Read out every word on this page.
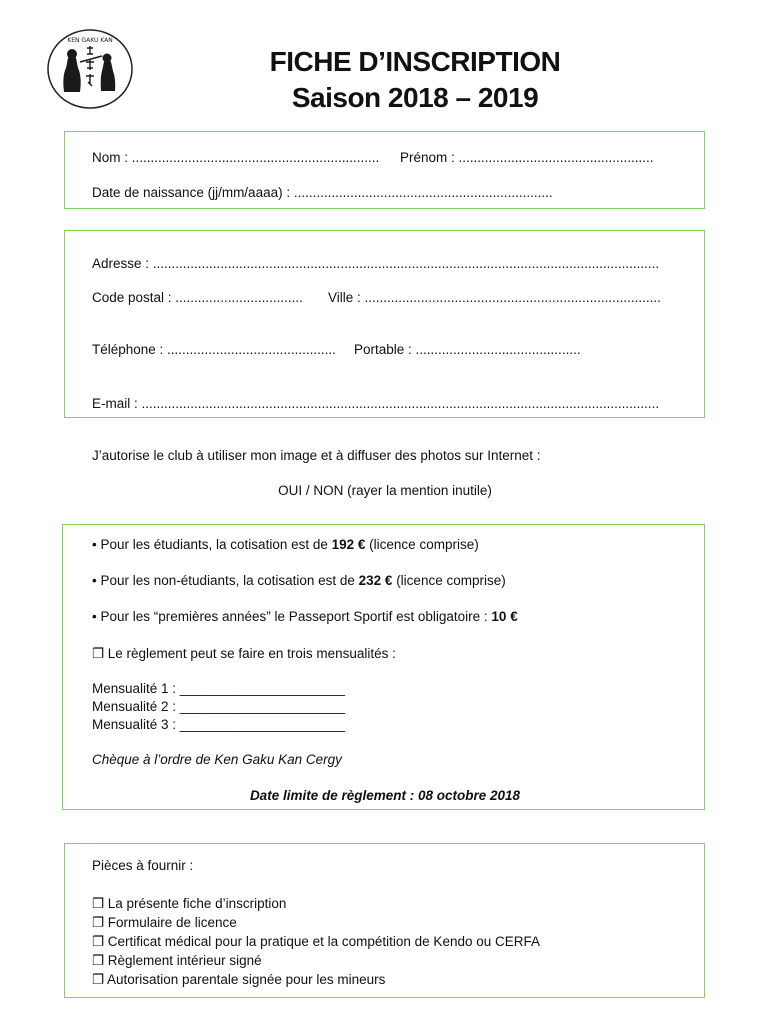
KEN GAKU KAN
FICHE D’INSCRIPTION
Saison 2018 – 2019
Nom : .................................................................. Prénom : ....................................................
Date de naissance (jj/mm/aaaa) : .....................................................................
Adresse : .......................................................................................................................................
Code postal : .................................. Ville : ...............................................................................
Téléphone : ............................................. Portable : ............................................
E-mail : ..........................................................................................................................................
J’autorise le club à utiliser mon image et à diffuser des photos sur Internet :
OUI / NON (rayer la mention inutile)
• Pour les étudiants, la cotisation est de 192 € (licence comprise)
• Pour les non-étudiants, la cotisation est de 232 € (licence comprise)
• Pour les “premières années” le Passeport Sportif est obligatoire : 10 €
❐ Le règlement peut se faire en trois mensualités :
Mensualité 1 : ______________________
Mensualité 2 : ______________________
Mensualité 3 : ______________________
Chèque à l’ordre de Ken Gaku Kan Cergy
Date limite de règlement : 08 octobre 2018
Pièces à fournir :
❐ La présente fiche d’inscription
❐ Formulaire de licence
❐ Certificat médical pour la pratique et la compétition de Kendo ou CERFA
❐ Règlement intérieur signé
❐ Autorisation parentale signée pour les mineurs
